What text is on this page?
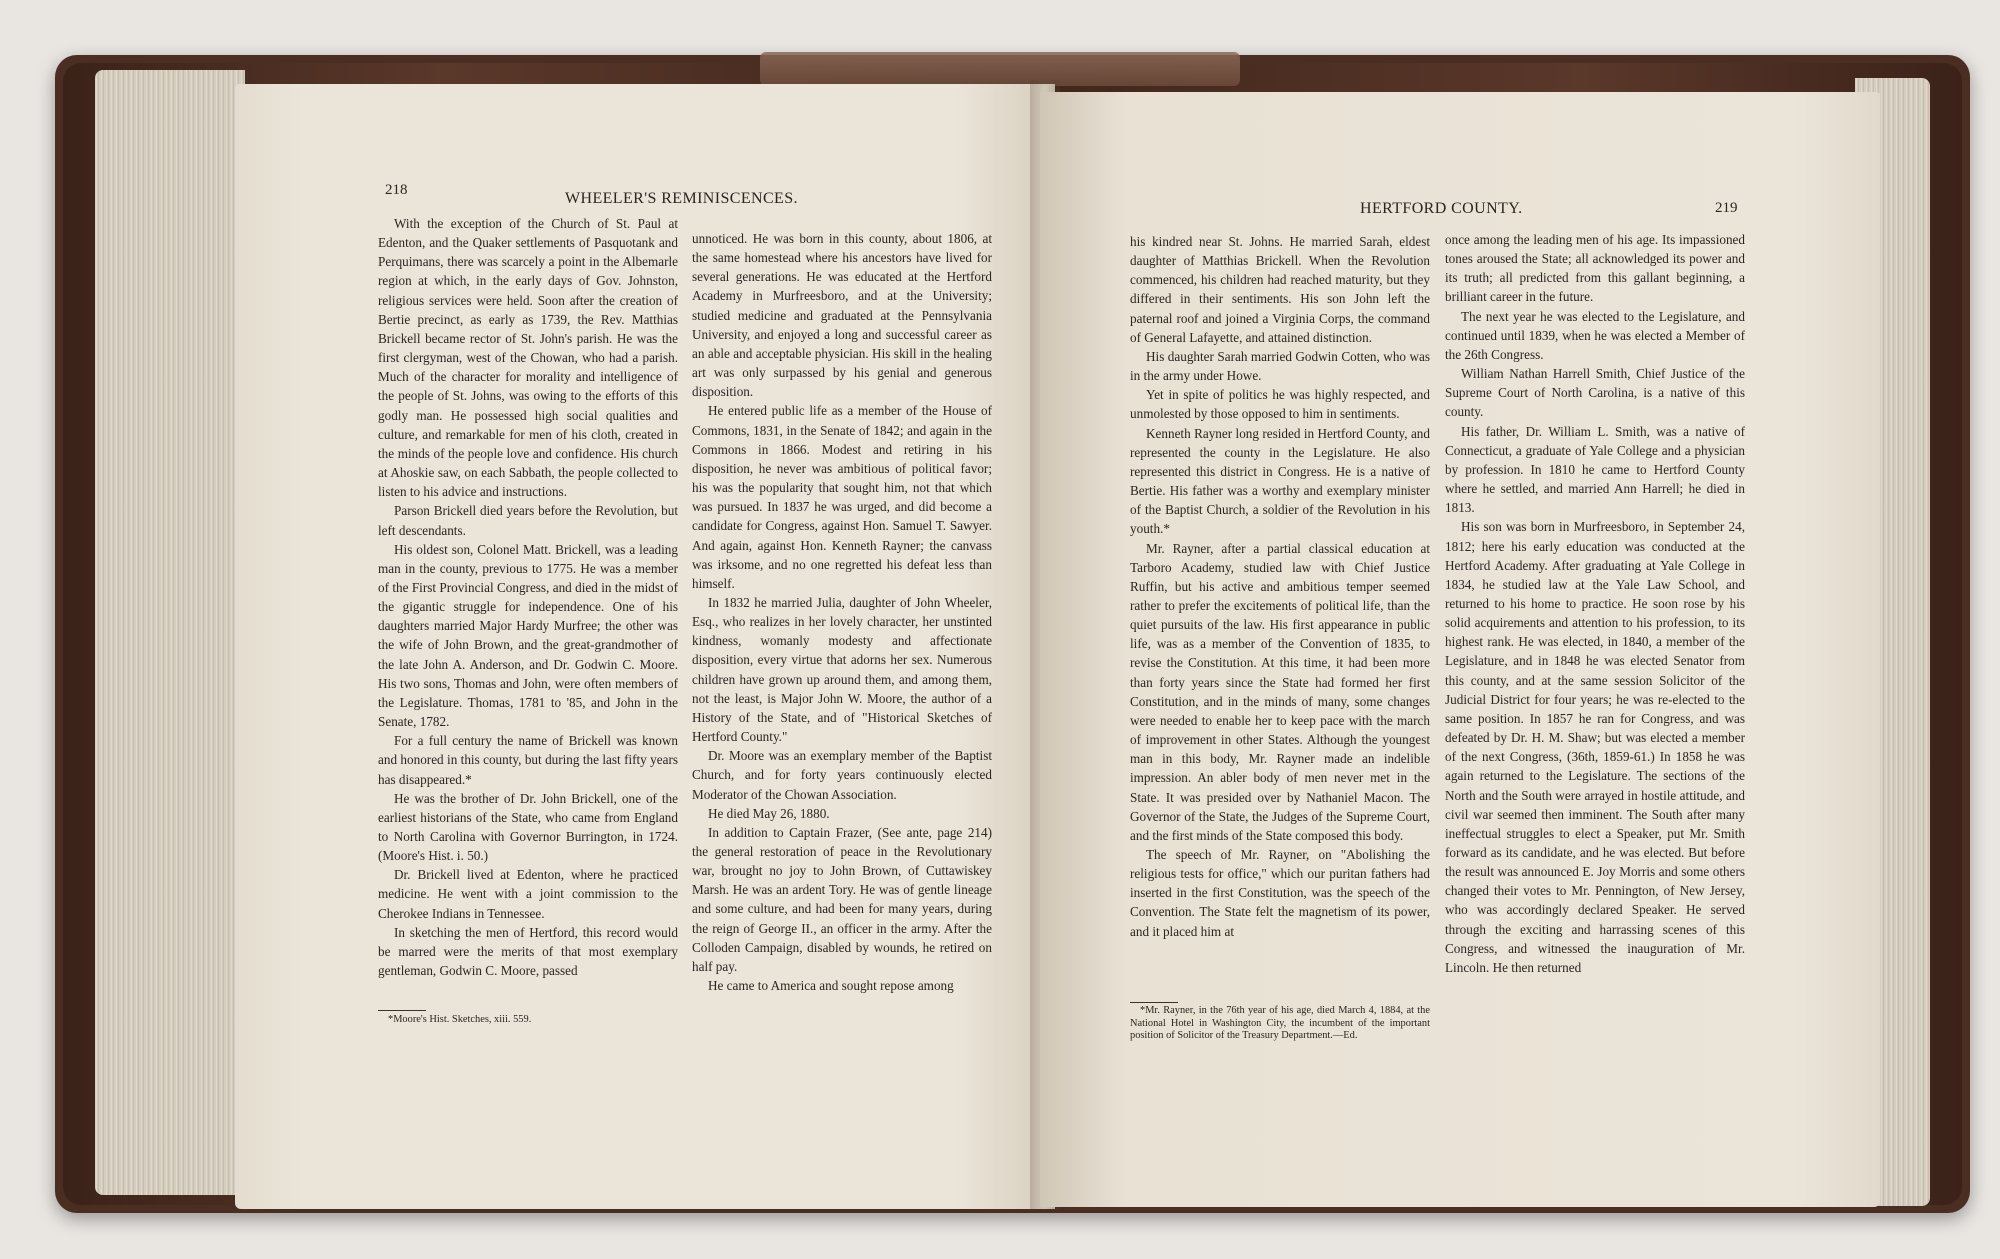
218	WHEELER'S REMINISCENCES.

With the exception of the Church of St. Paul at Edenton, and the Quaker settlements of Pasquotank and Perquimans, there was scarcely a point in the Albemarle region at which, in the early days of Gov. Johnston, religious services were held. Soon after the creation of Bertie precinct, as early as 1739, the Rev. Matthias Brickell became rector of St. John's parish. He was the first clergyman, west of the Chowan, who had a parish. Much of the character for morality and intelligence of the people of St. Johns, was owing to the efforts of this godly man. He possessed high social qualities and culture, and remarkable for men of his cloth, created in the minds of the people love and confidence. His church at Ahoskie saw, on each Sabbath, the people collected to listen to his advice and instructions.

Parson Brickell died years before the Revolution, but left descendants.

His oldest son, Colonel Matt. Brickell, was a leading man in the county, previous to 1775. He was a member of the First Provincial Congress, and died in the midst of the gigantic struggle for independence. One of his daughters married Major Hardy Murfree; the other was the wife of John Brown, and the great-grandmother of the late John A. Anderson, and Dr. Godwin C. Moore. His two sons, Thomas and John, were often members of the Legislature. Thomas, 1781 to '85, and John in the Senate, 1782.

For a full century the name of Brickell was known and honored in this county, but during the last fifty years has disappeared.*

He was the brother of Dr. John Brickell, one of the earliest historians of the State, who came from England to North Carolina with Governor Burrington, in 1724. (Moore's Hist. i. 50.)

Dr. Brickell lived at Edenton, where he practiced medicine. He went with a joint commission to the Cherokee Indians in Tennessee.

In sketching the men of Hertford, this record would be marred were the merits of that most exemplary gentleman, Godwin C. Moore, passed

*Moore's Hist. Sketches, xiii. 559.

unnoticed. He was born in this county, about 1806, at the same homestead where his ancestors have lived for several generations. He was educated at the Hertford Academy in Murfreesboro, and at the University; studied medicine and graduated at the Pennsylvania University, and enjoyed a long and successful career as an able and acceptable physician. His skill in the healing art was only surpassed by his genial and generous disposition.

He entered public life as a member of the House of Commons, 1831, in the Senate of 1842; and again in the Commons in 1866. Modest and retiring in his disposition, he never was ambitious of political favor; his was the popularity that sought him, not that which was pursued. In 1837 he was urged, and did become a candidate for Congress, against Hon. Samuel T. Sawyer. And again, against Hon. Kenneth Rayner; the canvass was irksome, and no one regretted his defeat less than himself.

In 1832 he married Julia, daughter of John Wheeler, Esq., who realizes in her lovely character, her unstinted kindness, womanly modesty and affectionate disposition, every virtue that adorns her sex. Numerous children have grown up around them, and among them, not the least, is Major John W. Moore, the author of a History of the State, and of "Historical Sketches of Hertford County."

Dr. Moore was an exemplary member of the Baptist Church, and for forty years continuously elected Moderator of the Chowan Association.

He died May 26, 1880.

In addition to Captain Frazer, (See ante, page 214) the general restoration of peace in the Revolutionary war, brought no joy to John Brown, of Cuttawiskey Marsh. He was an ardent Tory. He was of gentle lineage and some culture, and had been for many years, during the reign of George II., an officer in the army. After the Colloden Campaign, disabled by wounds, he retired on half pay.

He came to America and sought repose among

HERTFORD COUNTY.	219

his kindred near St. Johns. He married Sarah, eldest daughter of Matthias Brickell. When the Revolution commenced, his children had reached maturity, but they differed in their sentiments. His son John left the paternal roof and joined a Virginia Corps, the command of General Lafayette, and attained distinction.

His daughter Sarah married Godwin Cotten, who was in the army under Howe.

Yet in spite of politics he was highly respected, and unmolested by those opposed to him in sentiments.

Kenneth Rayner long resided in Hertford County, and represented the county in the Legislature. He also represented this district in Congress. He is a native of Bertie. His father was a worthy and exemplary minister of the Baptist Church, a soldier of the Revolution in his youth.*

Mr. Rayner, after a partial classical education at Tarboro Academy, studied law with Chief Justice Ruffin, but his active and ambitious temper seemed rather to prefer the excitements of political life, than the quiet pursuits of the law. His first appearance in public life, was as a member of the Convention of 1835, to revise the Constitution. At this time, it had been more than forty years since the State had formed her first Constitution, and in the minds of many, some changes were needed to enable her to keep pace with the march of improvement in other States. Although the youngest man in this body, Mr. Rayner made an indelible impression. An abler body of men never met in the State. It was presided over by Nathaniel Macon. The Governor of the State, the Judges of the Supreme Court, and the first minds of the State composed this body.

The speech of Mr. Rayner, on "Abolishing the religious tests for office," which our puritan fathers had inserted in the first Constitution, was the speech of the Convention. The State felt the magnetism of its power, and it placed him at

*Mr. Rayner, in the 76th year of his age, died March 4, 1884, at the National Hotel in Washington City, the incumbent of the important position of Solicitor of the Treasury Department.—Ed.

once among the leading men of his age. Its impassioned tones aroused the State; all acknowledged its power and its truth; all predicted from this gallant beginning, a brilliant career in the future.

The next year he was elected to the Legislature, and continued until 1839, when he was elected a Member of the 26th Congress.

William Nathan Harrell Smith, Chief Justice of the Supreme Court of North Carolina, is a native of this county.

His father, Dr. William L. Smith, was a native of Connecticut, a graduate of Yale College and a physician by profession. In 1810 he came to Hertford County where he settled, and married Ann Harrell; he died in 1813.

His son was born in Murfreesboro, in September 24, 1812; here his early education was conducted at the Hertford Academy. After graduating at Yale College in 1834, he studied law at the Yale Law School, and returned to his home to practice. He soon rose by his solid acquirements and attention to his profession, to its highest rank. He was elected, in 1840, a member of the Legislature, and in 1848 he was elected Senator from this county, and at the same session Solicitor of the Judicial District for four years; he was re-elected to the same position. In 1857 he ran for Congress, and was defeated by Dr. H. M. Shaw; but was elected a member of the next Congress, (36th, 1859-61.) In 1858 he was again returned to the Legislature. The sections of the North and the South were arrayed in hostile attitude, and civil war seemed then imminent. The South after many ineffectual struggles to elect a Speaker, put Mr. Smith forward as its candidate, and he was elected. But before the result was announced E. Joy Morris and some others changed their votes to Mr. Pennington, of New Jersey, who was accordingly declared Speaker. He served through the exciting and harrassing scenes of this Congress, and witnessed the inauguration of Mr. Lincoln. He then returned
